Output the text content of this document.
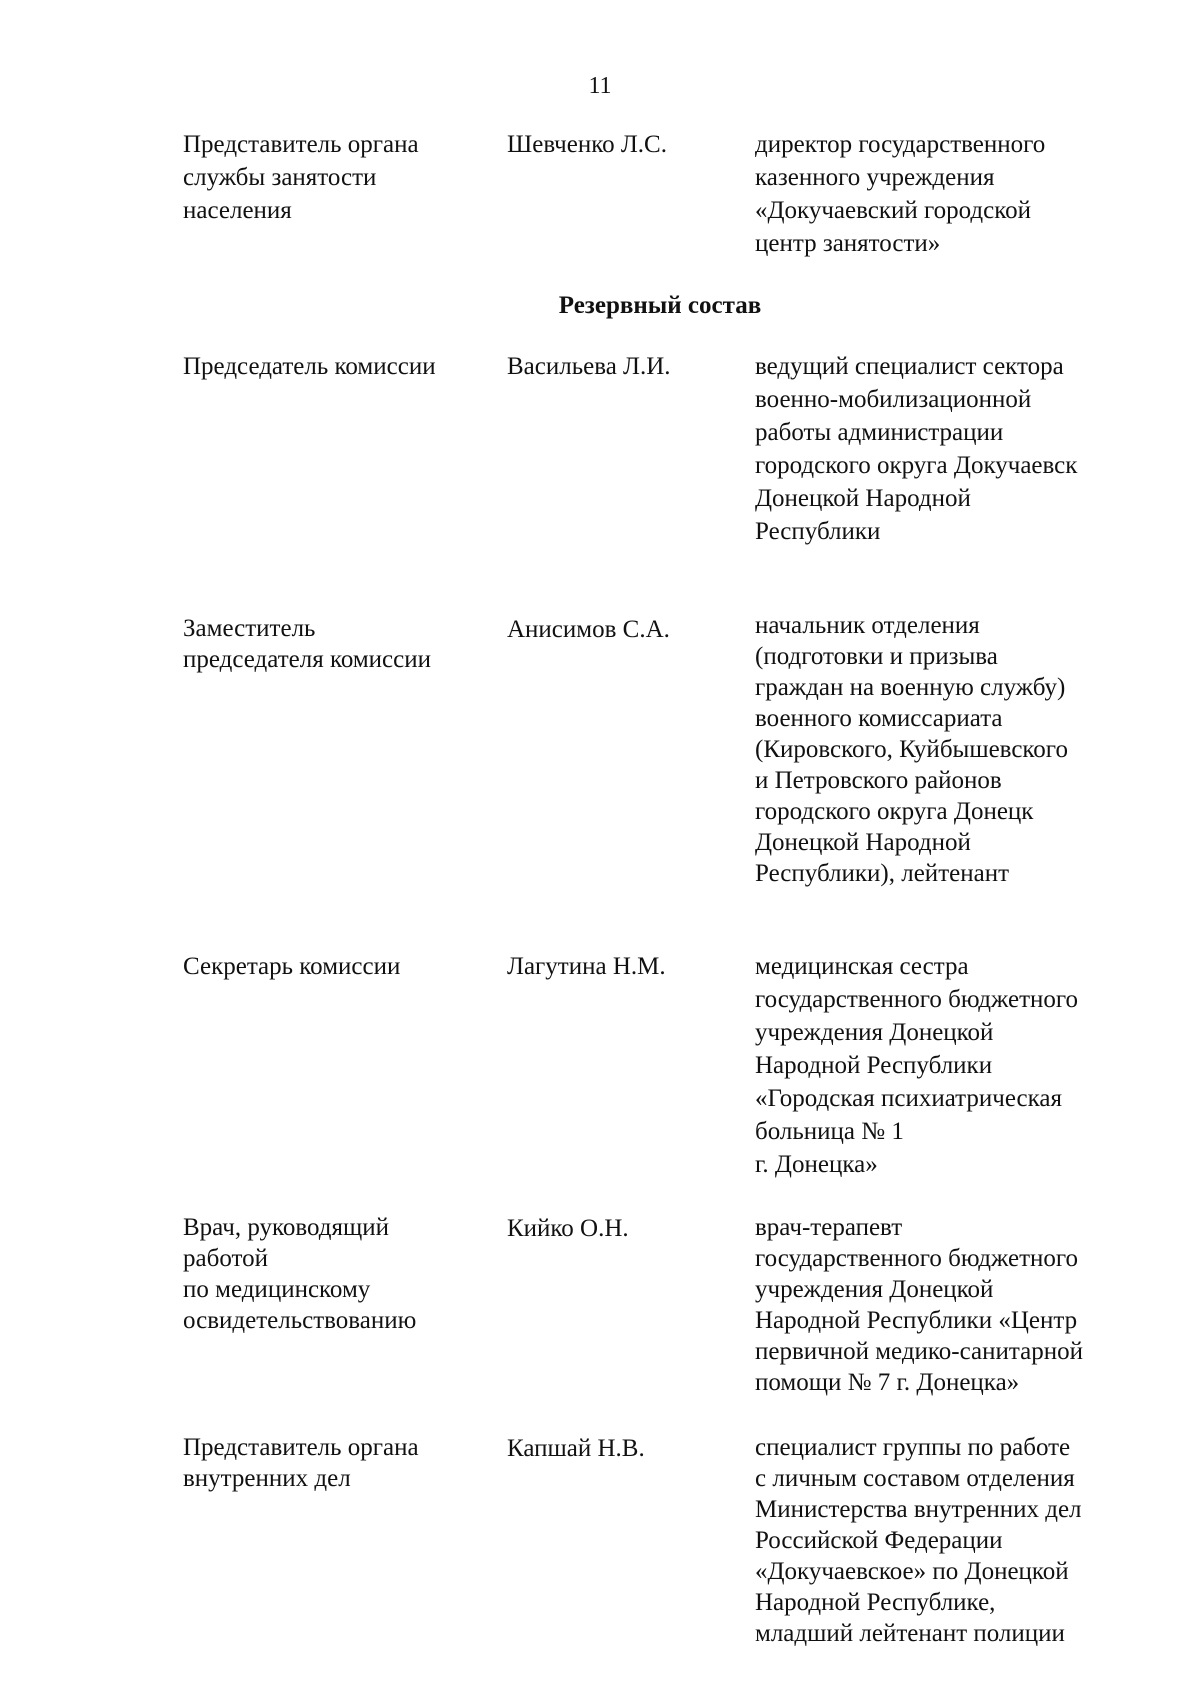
11
Представитель органа
службы занятости
населения
Шевченко Л.С.	директор государственного
казенного учреждения
«Докучаевский городской
центр занятости»
Резервный состав
Председатель комиссии	Васильева Л.И.	ведущий специалист сектора
военно-мобилизационной
работы администрации
городского округа Докучаевск
Донецкой Народной
Республики
Заместитель
председателя комиссии
Анисимов С.А.	начальник отделения
(подготовки и призыва
граждан на военную службу)
военного комиссариата
(Кировского, Куйбышевского
и Петровского районов
городского округа Донецк
Донецкой Народной
Республики), лейтенант
Секретарь комиссии	Лагутина Н.М.	медицинская сестра
государственного бюджетного
учреждения Донецкой
Народной Республики
«Городская психиатрическая
больница № 1
г. Донецка»
Врач, руководящий
работой
по медицинскому
освидетельствованию
Кийко О.Н.	врач-терапевт
государственного бюджетного
учреждения Донецкой
Народной Республики «Центр
первичной медико-санитарной
помощи № 7 г. Донецка»
Представитель органа
внутренних дел
Капшай Н.В.	специалист группы по работе
с личным составом отделения
Министерства внутренних дел
Российской Федерации
«Докучаевское» по Донецкой
Народной Республике,
младший лейтенант полиции
